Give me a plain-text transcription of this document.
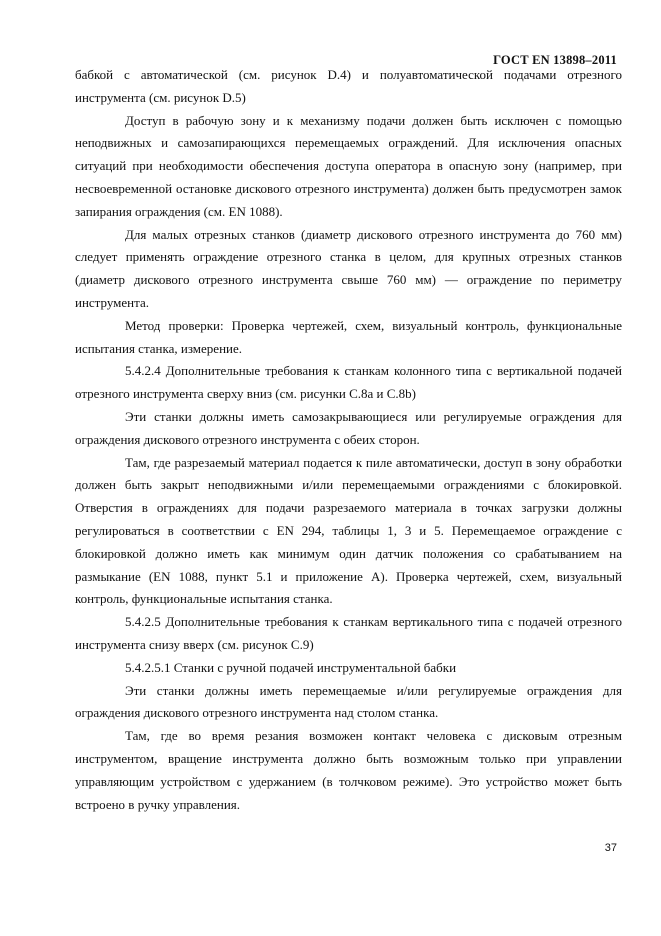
ГОСТ EN 13898–2011

бабкой с автоматической (см. рисунок D.4) и полуавтоматической подачами отрезного инструмента (см. рисунок D.5)

Доступ в рабочую зону и к механизму подачи должен быть исключен с помощью неподвижных и самозапирающихся перемещаемых ограждений. Для исключения опасных ситуаций при необходимости обеспечения доступа оператора в опасную зону (например, при несвоевременной остановке дискового отрезного инструмента) должен быть предусмотрен замок запирания ограждения (см. EN 1088).

Для малых отрезных станков (диаметр дискового отрезного инструмента до 760 мм) следует применять ограждение отрезного станка в целом, для крупных отрезных станков (диаметр дискового отрезного инструмента свыше 760 мм) — ограждение по периметру инструмента.

Метод проверки: Проверка чертежей, схем, визуальный контроль, функциональные испытания станка, измерение.

5.4.2.4 Дополнительные требования к станкам колонного типа с вертикальной подачей отрезного инструмента сверху вниз (см. рисунки С.8a и С.8b)

Эти станки должны иметь самозакрывающиеся или регулируемые ограждения для ограждения дискового отрезного инструмента с обеих сторон.

Там, где разрезаемый материал подается к пиле автоматически, доступ в зону обработки должен быть закрыт неподвижными и/или перемещаемыми ограждениями с блокировкой. Отверстия в ограждениях для подачи разрезаемого материала в точках загрузки должны регулироваться в соответствии с EN 294, таблицы 1, 3 и 5. Перемещаемое ограждение с блокировкой должно иметь как минимум один датчик положения со срабатыванием на размыкание (EN 1088, пункт 5.1 и приложение А). Проверка чертежей, схем, визуальный контроль, функциональные испытания станка.

5.4.2.5 Дополнительные требования к станкам вертикального типа с подачей отрезного инструмента снизу вверх (см. рисунок С.9)

5.4.2.5.1 Станки с ручной подачей инструментальной бабки

Эти станки должны иметь перемещаемые и/или регулируемые ограждения для ограждения дискового отрезного инструмента над столом станка.

Там, где во время резания возможен контакт человека с дисковым отрезным инструментом, вращение инструмента должно быть возможным только при управлении управляющим устройством с удержанием (в толчковом режиме). Это устройство может быть встроено в ручку управления.

37
